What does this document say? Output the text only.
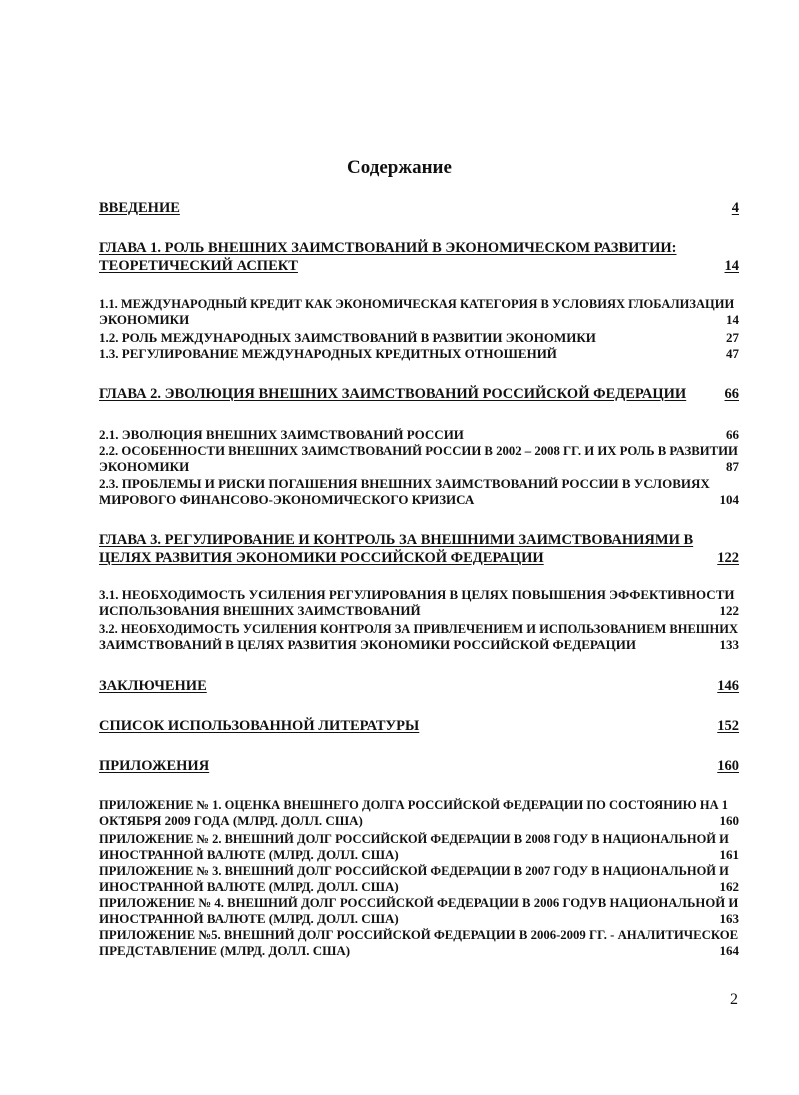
Содержание
ВВЕДЕНИЕ	4
ГЛАВА 1. РОЛЬ ВНЕШНИХ ЗАИМСТВОВАНИЙ В ЭКОНОМИЧЕСКОМ РАЗВИТИИ:
ТЕОРЕТИЧЕСКИЙ АСПЕКТ	14
1.1. МЕЖДУНАРОДНЫЙ КРЕДИТ КАК ЭКОНОМИЧЕСКАЯ КАТЕГОРИЯ В УСЛОВИЯХ ГЛОБАЛИЗАЦИИ
ЭКОНОМИКИ	14
1.2. РОЛЬ МЕЖДУНАРОДНЫХ ЗАИМСТВОВАНИЙ В РАЗВИТИИ ЭКОНОМИКИ	27
1.3. РЕГУЛИРОВАНИЕ МЕЖДУНАРОДНЫХ КРЕДИТНЫХ ОТНОШЕНИЙ	47
ГЛАВА 2. ЭВОЛЮЦИЯ ВНЕШНИХ ЗАИМСТВОВАНИЙ РОССИЙСКОЙ ФЕДЕРАЦИИ	66
2.1. ЭВОЛЮЦИЯ ВНЕШНИХ ЗАИМСТВОВАНИЙ РОССИИ	66
2.2. ОСОБЕННОСТИ ВНЕШНИХ ЗАИМСТВОВАНИЙ РОССИИ В 2002 – 2008 ГГ. И ИХ РОЛЬ В РАЗВИТИИ
ЭКОНОМИКИ	87
2.3. ПРОБЛЕМЫ И РИСКИ ПОГАШЕНИЯ ВНЕШНИХ ЗАИМСТВОВАНИЙ РОССИИ В УСЛОВИЯХ
МИРОВОГО ФИНАНСОВО-ЭКОНОМИЧЕСКОГО КРИЗИСА	104
ГЛАВА 3. РЕГУЛИРОВАНИЕ И КОНТРОЛЬ ЗА ВНЕШНИМИ ЗАИМСТВОВАНИЯМИ В
ЦЕЛЯХ РАЗВИТИЯ ЭКОНОМИКИ РОССИЙСКОЙ ФЕДЕРАЦИИ	122
3.1. НЕОБХОДИМОСТЬ УСИЛЕНИЯ РЕГУЛИРОВАНИЯ В ЦЕЛЯХ ПОВЫШЕНИЯ ЭФФЕКТИВНОСТИ
ИСПОЛЬЗОВАНИЯ ВНЕШНИХ ЗАИМСТВОВАНИЙ	122
3.2. НЕОБХОДИМОСТЬ УСИЛЕНИЯ КОНТРОЛЯ ЗА ПРИВЛЕЧЕНИЕМ И ИСПОЛЬЗОВАНИЕМ ВНЕШНИХ
ЗАИМСТВОВАНИЙ В ЦЕЛЯХ РАЗВИТИЯ ЭКОНОМИКИ РОССИЙСКОЙ ФЕДЕРАЦИИ	133
ЗАКЛЮЧЕНИЕ	146
СПИСОК ИСПОЛЬЗОВАННОЙ ЛИТЕРАТУРЫ	152
ПРИЛОЖЕНИЯ	160
ПРИЛОЖЕНИЕ № 1. ОЦЕНКА ВНЕШНЕГО ДОЛГА РОССИЙСКОЙ ФЕДЕРАЦИИ ПО СОСТОЯНИЮ НА 1
ОКТЯБРЯ 2009 ГОДА (МЛРД. ДОЛЛ. США)	160
ПРИЛОЖЕНИЕ № 2. ВНЕШНИЙ ДОЛГ РОССИЙСКОЙ ФЕДЕРАЦИИ В 2008 ГОДУ В НАЦИОНАЛЬНОЙ И
ИНОСТРАННОЙ ВАЛЮТЕ (МЛРД. ДОЛЛ. США)	161
ПРИЛОЖЕНИЕ № 3. ВНЕШНИЙ ДОЛГ РОССИЙСКОЙ ФЕДЕРАЦИИ В 2007 ГОДУ В НАЦИОНАЛЬНОЙ И
ИНОСТРАННОЙ ВАЛЮТЕ (МЛРД. ДОЛЛ. США)	162
ПРИЛОЖЕНИЕ № 4. ВНЕШНИЙ ДОЛГ РОССИЙСКОЙ ФЕДЕРАЦИИ В 2006 ГОДУВ НАЦИОНАЛЬНОЙ И
ИНОСТРАННОЙ ВАЛЮТЕ (МЛРД. ДОЛЛ. США)	163
ПРИЛОЖЕНИЕ №5. ВНЕШНИЙ ДОЛГ РОССИЙСКОЙ ФЕДЕРАЦИИ В 2006-2009 ГГ. - АНАЛИТИЧЕСКОЕ
ПРЕДСТАВЛЕНИЕ (МЛРД. ДОЛЛ. США)	164
2
